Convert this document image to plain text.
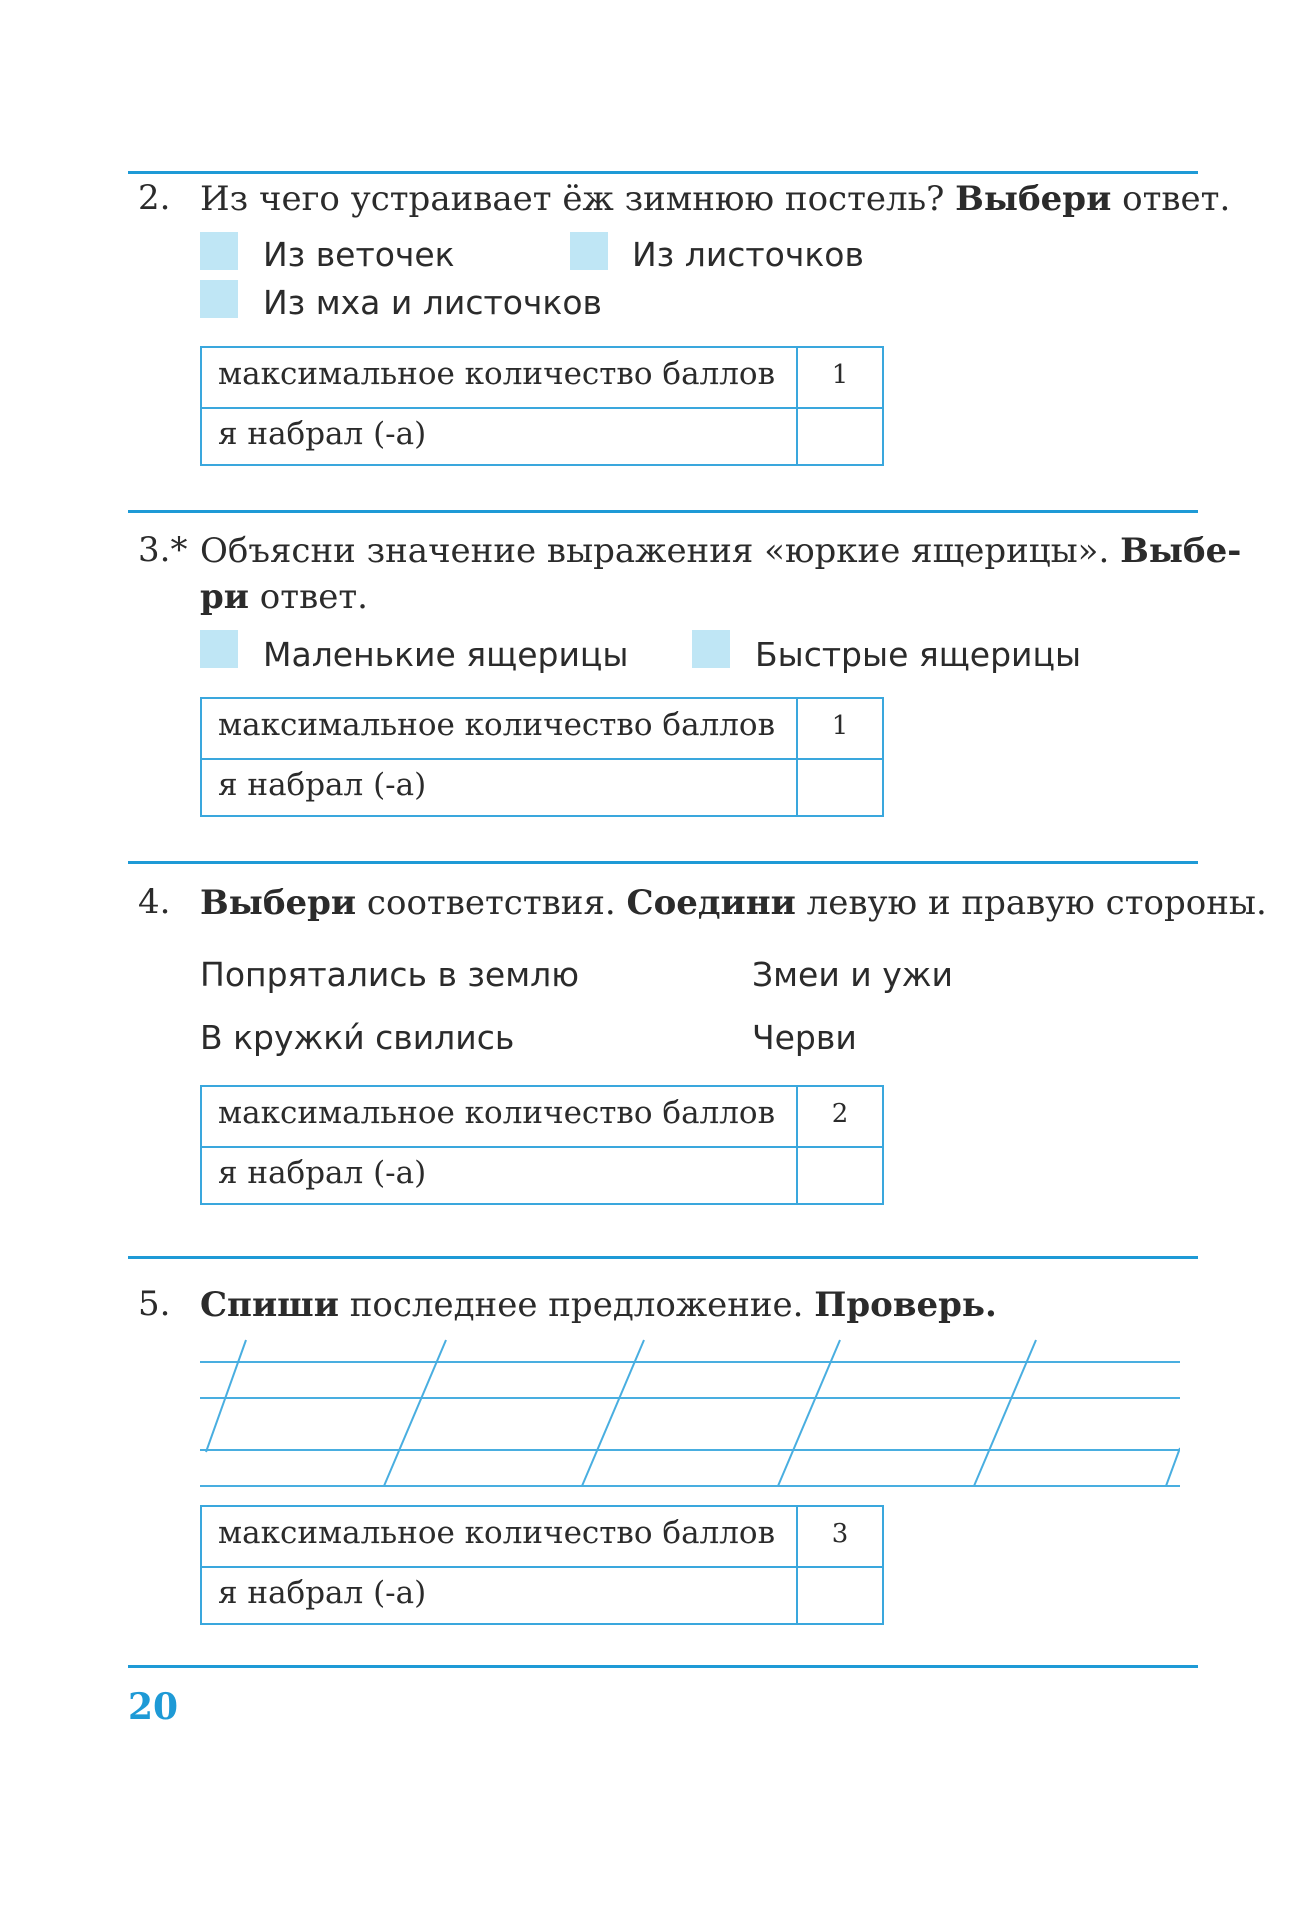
2. Из чего устраивает ёж зимнюю постель? Выбери ответ.
Из веточек	Из листочков
Из мха и листочков
максимальное количество баллов	1
я набрал (-а)
3.* Объясни значение выражения «юркие ящерицы». Выбе-
ри ответ.
Маленькие ящерицы	Быстрые ящерицы
максимальное количество баллов	1
я набрал (-а)
4. Выбери соответствия. Соедини левую и правую стороны.
Попрятались в землю	Змеи и ужи
В кружки́ свились	Черви
максимальное количество баллов	2
я набрал (-а)
5. Спиши последнее предложение. Проверь.
максимальное количество баллов	3
я набрал (-а)
20
